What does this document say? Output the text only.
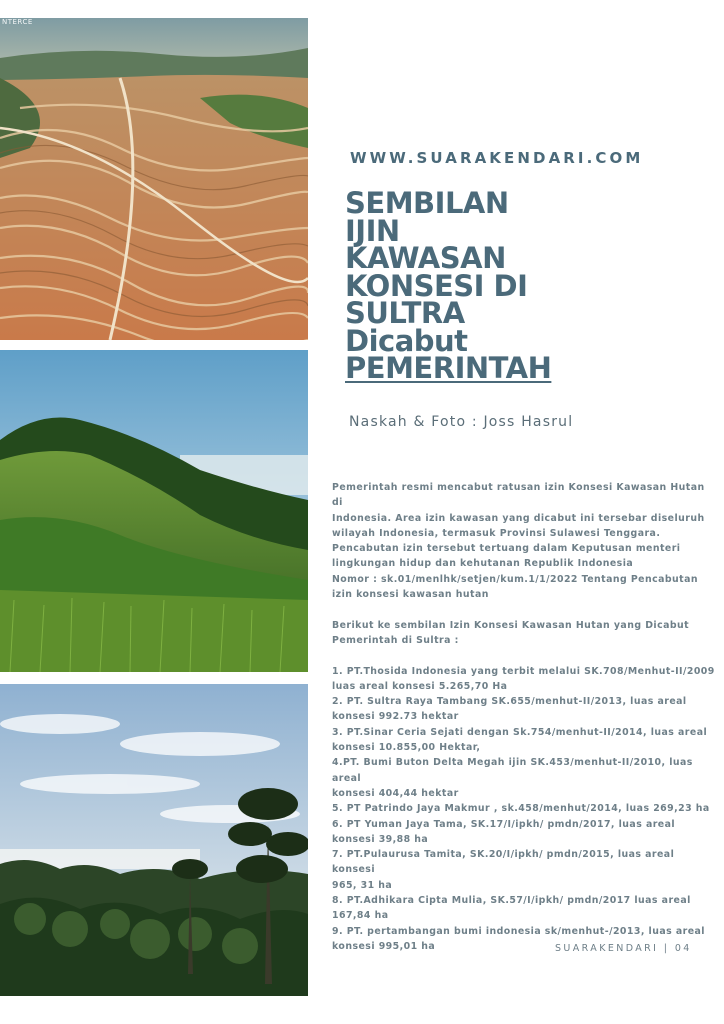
NTERCE
WWW.SUARAKENDARI.COM
SEMBILAN
IJIN
KAWASAN
KONSESI DI
SULTRA
Dicabut
PEMERINTAH
Naskah & Foto : Joss Hasrul

Pemerintah resmi mencabut ratusan izin Konsesi Kawasan Hutan di

Indonesia. Area izin kawasan yang dicabut ini tersebar diseluruh

wilayah Indonesia, termasuk Provinsi Sulawesi Tenggara.

Pencabutan izin tersebut tertuang dalam Keputusan menteri

lingkungan hidup dan kehutanan Republik Indonesia

Nomor : sk.01/menlhk/setjen/kum.1/1/2022 Tentang Pencabutan

izin konsesi kawasan hutan

Berikut ke sembilan Izin Konsesi Kawasan Hutan yang Dicabut

Pemerintah di Sultra :

1. PT.Thosida Indonesia yang terbit melalui SK.708/Menhut-II/2009

luas areal konsesi 5.265,70 Ha

2. PT. Sultra Raya Tambang SK.655/menhut-II/2013, luas areal

konsesi 992.73 hektar

3. PT.Sinar Ceria Sejati dengan Sk.754/menhut-II/2014, luas areal

konsesi 10.855,00 Hektar,

4.PT. Bumi Buton Delta Megah ijin SK.453/menhut-II/2010, luas areal

konsesi 404,44 hektar

5. PT Patrindo Jaya Makmur , sk.458/menhut/2014, luas 269,23 ha

6. PT Yuman Jaya Tama, SK.17/I/ipkh/ pmdn/2017, luas areal

konsesi 39,88 ha

7. PT.Pulaurusa Tamita, SK.20/I/ipkh/ pmdn/2015, luas areal konsesi

965, 31 ha

8. PT.Adhikara Cipta Mulia, SK.57/I/ipkh/ pmdn/2017 luas areal

167,84 ha

9. PT. pertambangan bumi indonesia sk/menhut-/2013, luas areal

konsesi 995,01 ha	SUARAKENDARI | 04
